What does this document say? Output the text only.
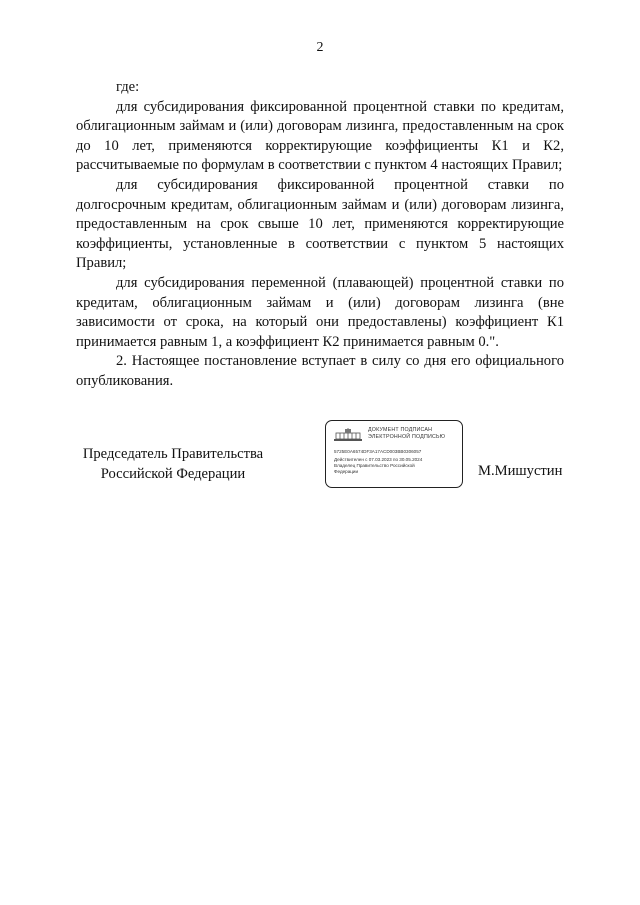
2

где:

для субсидирования фиксированной процентной ставки по кредитам, облигационным займам и (или) договорам лизинга, предоставленным на срок до 10 лет, применяются корректирующие коэффициенты К1 и К2, рассчитываемые по формулам в соответствии с пунктом 4 настоящих Правил;

для субсидирования фиксированной процентной ставки по долгосрочным кредитам, облигационным займам и (или) договорам лизинга, предоставленным на срок свыше 10 лет, применяются корректирующие коэффициенты, установленные в соответствии с пунктом 5 настоящих Правил;

для субсидирования переменной (плавающей) процентной ставки по кредитам, облигационным займам и (или) договорам лизинга (вне зависимости от срока, на который они предоставлены) коэффициент К1 принимается равным 1, а коэффициент К2 принимается равным 0.".

2. Настоящее постановление вступает в силу со дня его официального опубликования.

Председатель Правительства
Российской Федерации
ДОКУМЕНТ ПОДПИСАН
ЭЛЕКТРОННОЙ ПОДПИСЬЮ
5725E0A6574DF3A17ACD003BB0306057
Действителен с 07.03.2023 по 30.05.2024
Владелец Правительство Российской
Федерации	М.Мишустин
